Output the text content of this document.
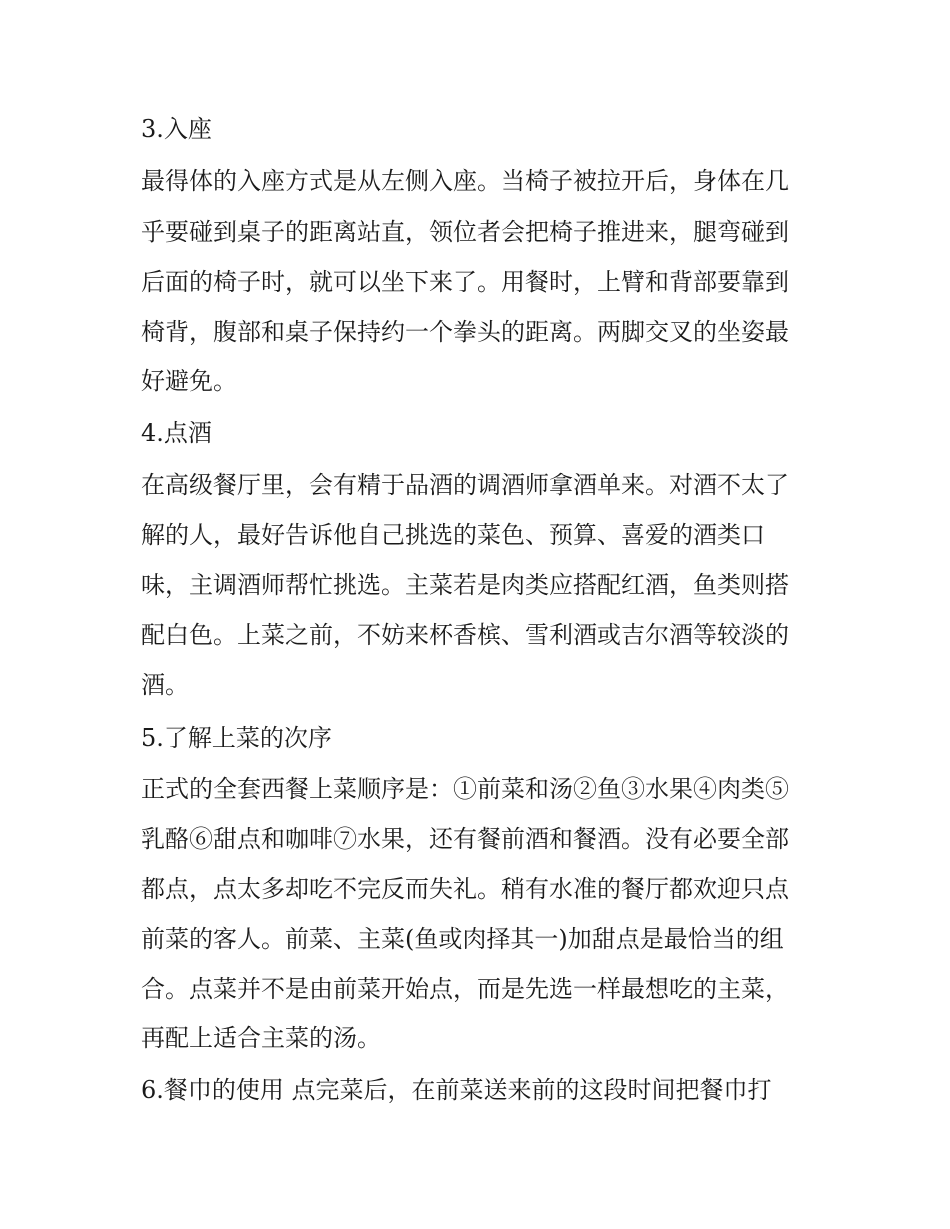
3.入座
最得体的入座方式是从左侧入座。当椅子被拉开后，身体在几
乎要碰到桌子的距离站直，领位者会把椅子推进来，腿弯碰到
后面的椅子时，就可以坐下来了。用餐时，上臂和背部要靠到
椅背，腹部和桌子保持约一个拳头的距离。两脚交叉的坐姿最
好避免。
4.点酒
在高级餐厅里，会有精于品酒的调酒师拿酒单来。对酒不太了
解的人，最好告诉他自己挑选的菜色、预算、喜爱的酒类口
味，主调酒师帮忙挑选。主菜若是肉类应搭配红酒，鱼类则搭
配白色。上菜之前，不妨来杯香槟、雪利酒或吉尔酒等较淡的
酒。
5.了解上菜的次序
正式的全套西餐上菜顺序是：①前菜和汤②鱼③水果④肉类⑤
乳酪⑥甜点和咖啡⑦水果，还有餐前酒和餐酒。没有必要全部
都点，点太多却吃不完反而失礼。稍有水准的餐厅都欢迎只点
前菜的客人。前菜、主菜(鱼或肉择其一)加甜点是最恰当的组
合。点菜并不是由前菜开始点，而是先选一样最想吃的主菜，
再配上适合主菜的汤。
6.餐巾的使用 点完菜后，在前菜送来前的这段时间把餐巾打
